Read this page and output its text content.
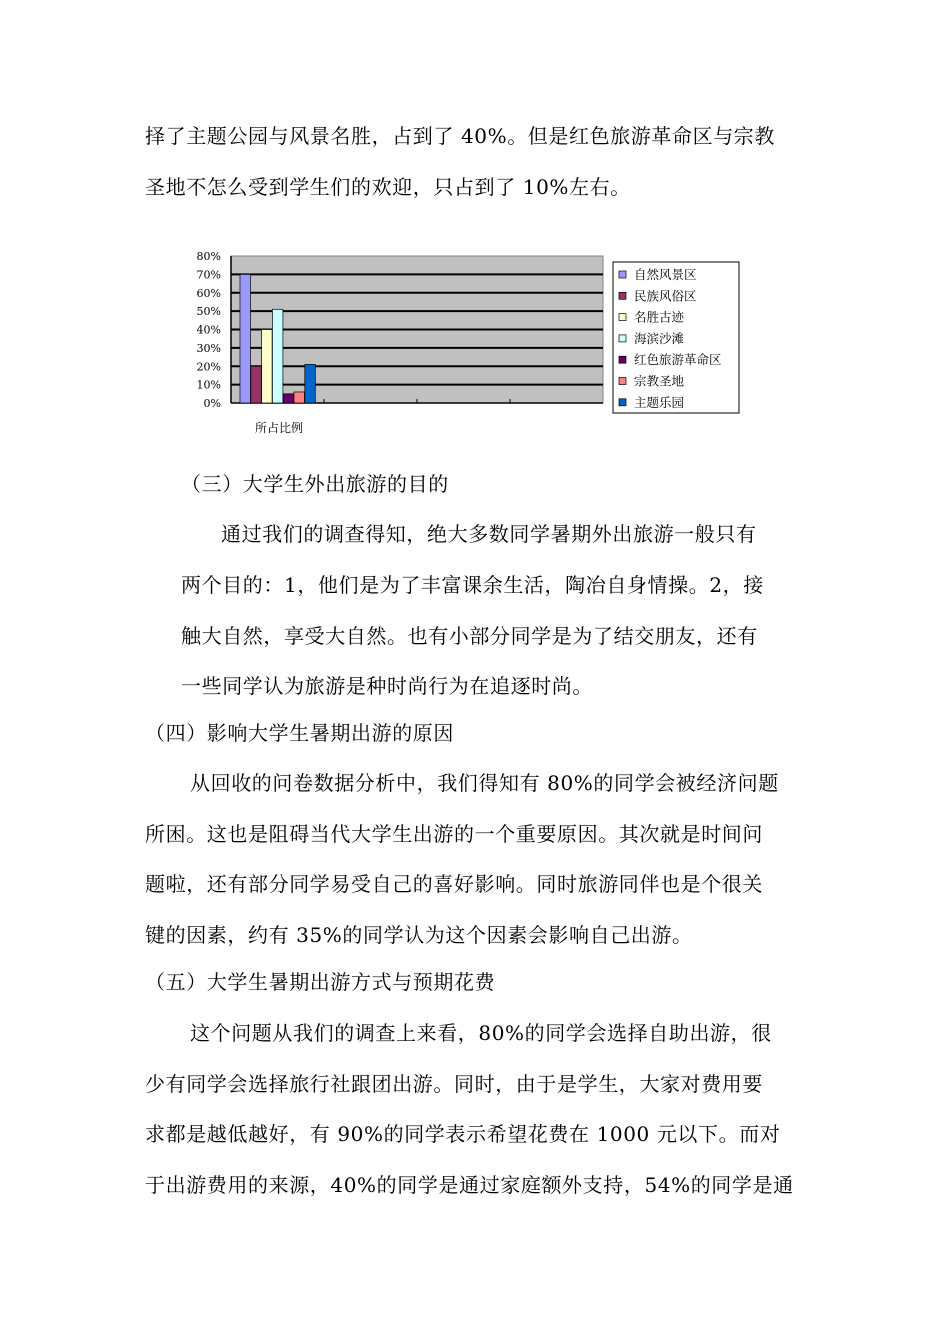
择了主题公园与风景名胜，占到了 40%。但是红色旅游革命区与宗教
圣地不怎么受到学生们的欢迎，只占到了 10%左右。
0%
10%
20%
30%
40%
50%
60%
70%
80%
所占比例
自然风景区
民族风俗区
名胜古迹
海滨沙滩
红色旅游革命区
宗教圣地
主题乐园
（三）大学生外出旅游的目的
通过我们的调查得知，绝大多数同学暑期外出旅游一般只有
两个目的：1，他们是为了丰富课余生活，陶冶自身情操。2，接
触大自然，享受大自然。也有小部分同学是为了结交朋友，还有
一些同学认为旅游是种时尚行为在追逐时尚。
（四）影响大学生暑期出游的原因
从回收的问卷数据分析中，我们得知有 80%的同学会被经济问题
所困。这也是阻碍当代大学生出游的一个重要原因。其次就是时间问
题啦，还有部分同学易受自己的喜好影响。同时旅游同伴也是个很关
键的因素，约有 35%的同学认为这个因素会影响自己出游。
（五）大学生暑期出游方式与预期花费
这个问题从我们的调查上来看，80%的同学会选择自助出游，很
少有同学会选择旅行社跟团出游。同时，由于是学生，大家对费用要
求都是越低越好，有 90%的同学表示希望花费在 1000 元以下。而对
于出游费用的来源，40%的同学是通过家庭额外支持，54%的同学是通
